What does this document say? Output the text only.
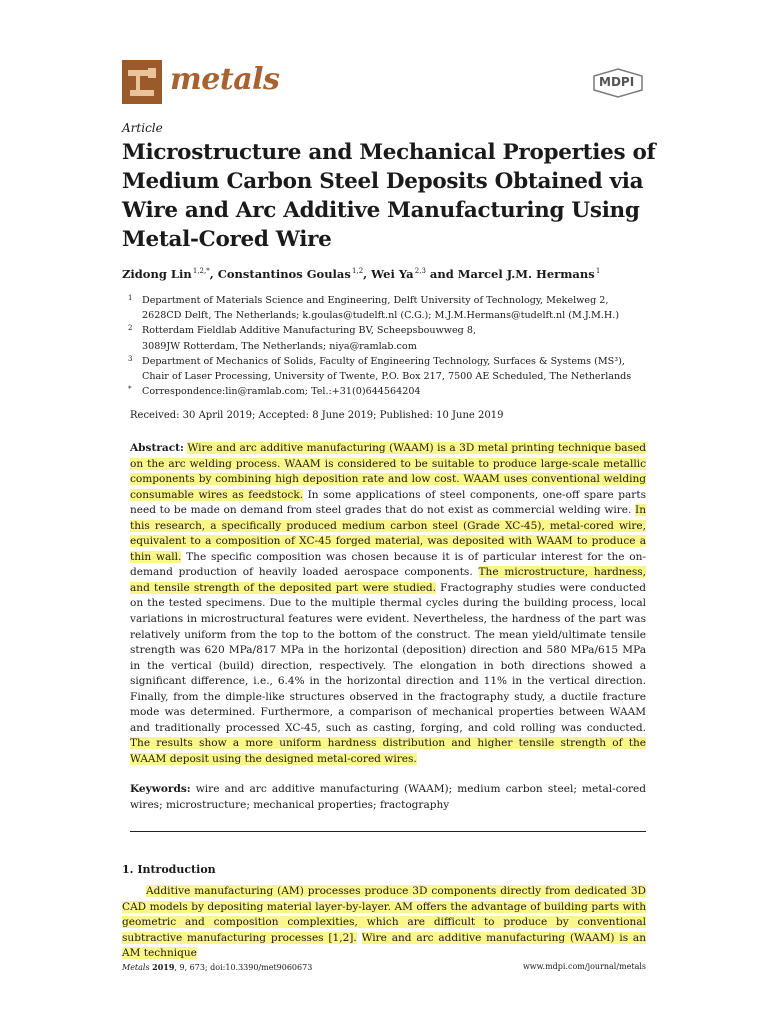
metals	MDPI
Article
Microstructure and Mechanical Properties of Medium Carbon Steel Deposits Obtained via Wire and Arc Additive Manufacturing Using Metal-Cored Wire
Zidong Lin $^{1,2,*}$, Constantinos Goulas $^{1,2}$, Wei Ya $^{2,3}$ and Marcel J.M. Hermans $^1$
1 Department of Materials Science and Engineering, Delft University of Technology, Mekelweg 2,
2628CD Delft, The Netherlands; k.goulas@tudelft.nl (C.G.); M.J.M.Hermans@tudelft.nl (M.J.M.H.)
2 Rotterdam Fieldlab Additive Manufacturing BV, Scheepsbouwweg 8,
3089JW Rotterdam, The Netherlands; niya@ramlab.com
3 Department of Mechanics of Solids, Faculty of Engineering Technology, Surfaces & Systems (MS³),
Chair of Laser Processing, University of Twente, P.O. Box 217, 7500 AE Scheduled, The Netherlands
* Correspondence:lin@ramlab.com; Tel.:+31(0)644564204
Received: 30 April 2019; Accepted: 8 June 2019; Published: 10 June 2019

Abstract: Wire and arc additive manufacturing (WAAM) is a 3D metal printing technique based on the arc welding process. WAAM is considered to be suitable to produce large-scale metallic components by combining high deposition rate and low cost. WAAM uses conventional welding consumable wires as feedstock. In some applications of steel components, one-off spare parts need to be made on demand from steel grades that do not exist as commercial welding wire. In this research, a specifically produced medium carbon steel (Grade XC-45), metal-cored wire, equivalent to a composition of XC-45 forged material, was deposited with WAAM to produce a thin wall. The specific composition was chosen because it is of particular interest for the on-demand production of heavily loaded aerospace components. The microstructure, hardness, and tensile strength of the deposited part were studied. Fractography studies were conducted on the tested specimens. Due to the multiple thermal cycles during the building process, local variations in microstructural features were evident. Nevertheless, the hardness of the part was relatively uniform from the top to the bottom of the construct. The mean yield/ultimate tensile strength was 620 MPa/817 MPa in the horizontal (deposition) direction and 580 MPa/615 MPa in the vertical (build) direction, respectively. The elongation in both directions showed a significant difference, i.e., 6.4% in the horizontal direction and 11% in the vertical direction. Finally, from the dimple-like structures observed in the fractography study, a ductile fracture mode was determined. Furthermore, a comparison of mechanical properties between WAAM and traditionally processed XC-45, such as casting, forging, and cold rolling was conducted. The results show a more uniform hardness distribution and higher tensile strength of the WAAM deposit using the designed metal-cored wires.

Keywords: wire and arc additive manufacturing (WAAM); medium carbon steel; metal-cored wires; microstructure; mechanical properties; fractography

1. Introduction

Additive manufacturing (AM) processes produce 3D components directly from dedicated 3D CAD models by depositing material layer-by-layer. AM offers the advantage of building parts with geometric and composition complexities, which are difficult to produce by conventional subtractive manufacturing processes [1,2]. Wire and arc additive manufacturing (WAAM) is an AM technique

Metals 2019, 9, 673; doi:10.3390/met9060673	www.mdpi.com/journal/metals
